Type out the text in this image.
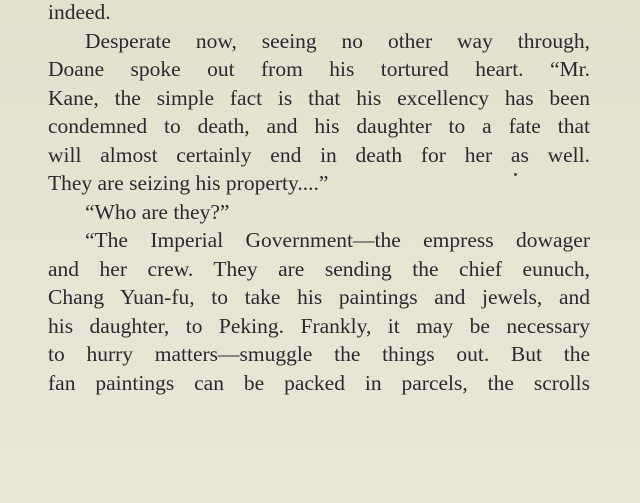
indeed.
Desperate now, seeing no other way through,
Doane spoke out from his tortured heart. “Mr.
Kane, the simple fact is that his excellency has been
condemned to death, and his daughter to a fate that
will almost certainly end in death for her as well.
They are seizing his property....”
“Who are they?”
“The Imperial Government—the empress dowager
and her crew. They are sending the chief eunuch,
Chang Yuan-fu, to take his paintings and jewels, and
his daughter, to Peking. Frankly, it may be necessary
to hurry matters—smuggle the things out. But the
fan paintings can be packed in parcels, the scrolls
